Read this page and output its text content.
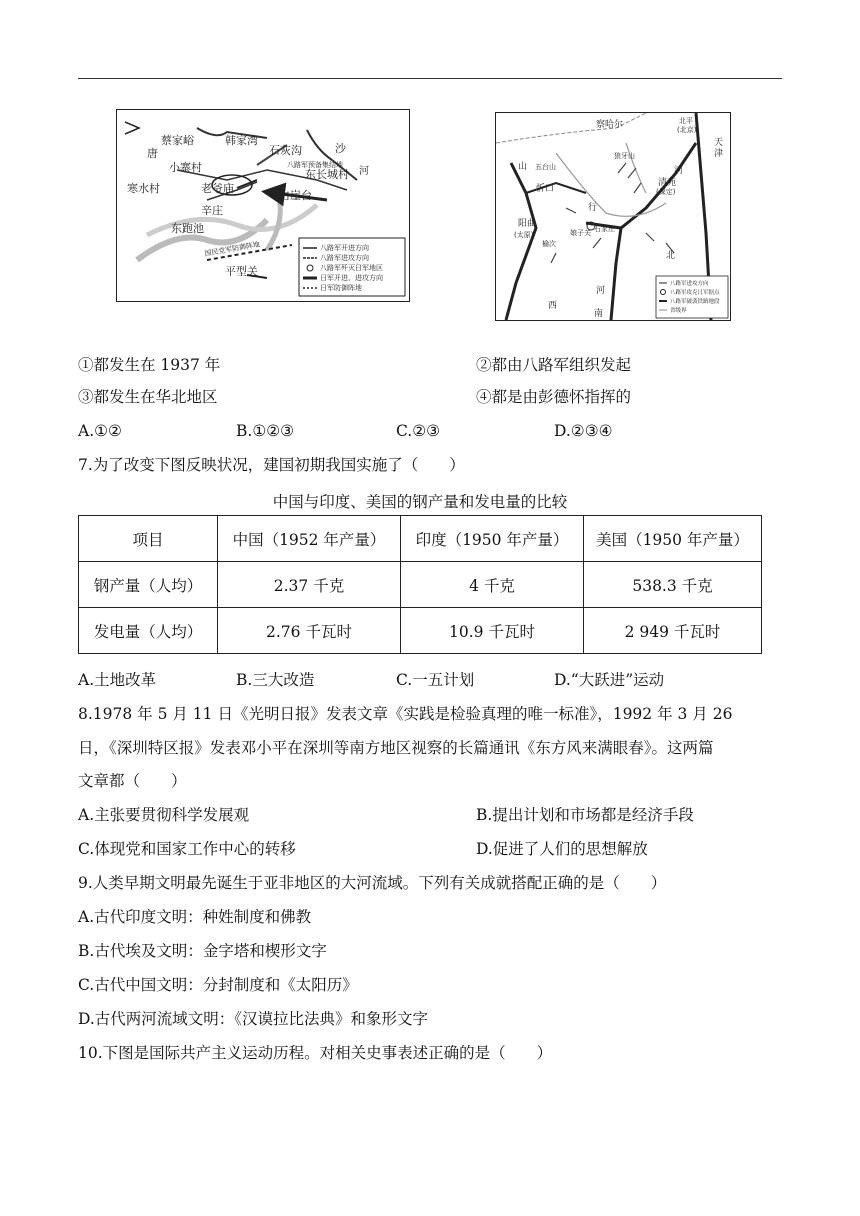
蔡家峪	韩家湾
石灰沟
唐
小寨村
沙
八路军预备集结地
河
东长城村
寒水村	老爷庙
白崖台
辛庄
东跑池
国民党军防御阵地
平型关
八路军开进方向
八路军进攻方向
八路军歼灭日军地区
日军开进、进攻方向
日军防御阵地
察哈尔	北平
(北京)
天
津
山 五台山
狼牙山
河
忻口
清苑
(保定)
阳曲
(太原)
榆次
娘子关 石家庄
行
北
河
西
南
八路军进攻方向
八路军攻克日军据点
八路军破袭铁路地段
省级界
①都发生在 1937 年	②都由八路军组织发起
③都发生在华北地区	④都是由彭德怀指挥的
A.①②	B.①②③	C.②③	D.②③④
7.为了改变下图反映状况，建国初期我国实施了（　　）
中国与印度、美国的钢产量和发电量的比较
项目	中国（1952 年产量）	印度（1950 年产量）	美国（1950 年产量）
钢产量（人均）	2.37 千克	4 千克	538.3 千克
发电量（人均）	2.76 千瓦时	10.9 千瓦时	2 949 千瓦时
A.土地改革	B.三大改造	C.一五计划	D.“大跃进”运动
8.1978 年 5 月 11 日《光明日报》发表文章《实践是检验真理的唯一标准》，1992 年 3 月 26
日，《深圳特区报》发表邓小平在深圳等南方地区视察的长篇通讯《东方风来满眼春》。这两篇
文章都（　　）
A.主张要贯彻科学发展观	B.提出计划和市场都是经济手段
C.体现党和国家工作中心的转移	D.促进了人们的思想解放
9.人类早期文明最先诞生于亚非地区的大河流域。下列有关成就搭配正确的是（　　）
A.古代印度文明：种姓制度和佛教
B.古代埃及文明：金字塔和楔形文字
C.古代中国文明：分封制度和《太阳历》
D.古代两河流域文明：《汉谟拉比法典》和象形文字
10.下图是国际共产主义运动历程。对相关史事表述正确的是（　　）
